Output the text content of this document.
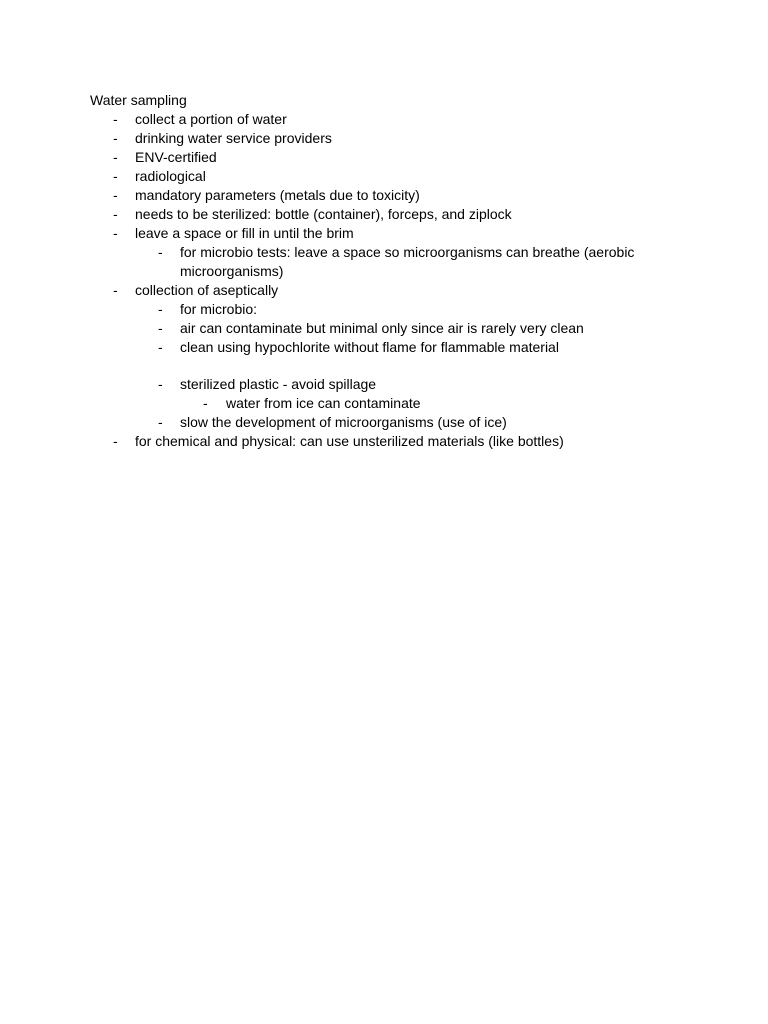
Water sampling
-	collect a portion of water
-	drinking water service providers
-	ENV-certified
-	radiological
-	mandatory parameters (metals due to toxicity)
-	needs to be sterilized: bottle (container), forceps, and ziplock
-	leave a space or fill in until the brim
-	for microbio tests: leave a space so microorganisms can breathe (aerobic microorganisms)
-	collection of aseptically
-	for microbio:
-	air can contaminate but minimal only since air is rarely very clean
-	clean using hypochlorite without flame for flammable material
-	sterilized plastic - avoid spillage
-	water from ice can contaminate
-	slow the development of microorganisms (use of ice)
-	for chemical and physical: can use unsterilized materials (like bottles)
